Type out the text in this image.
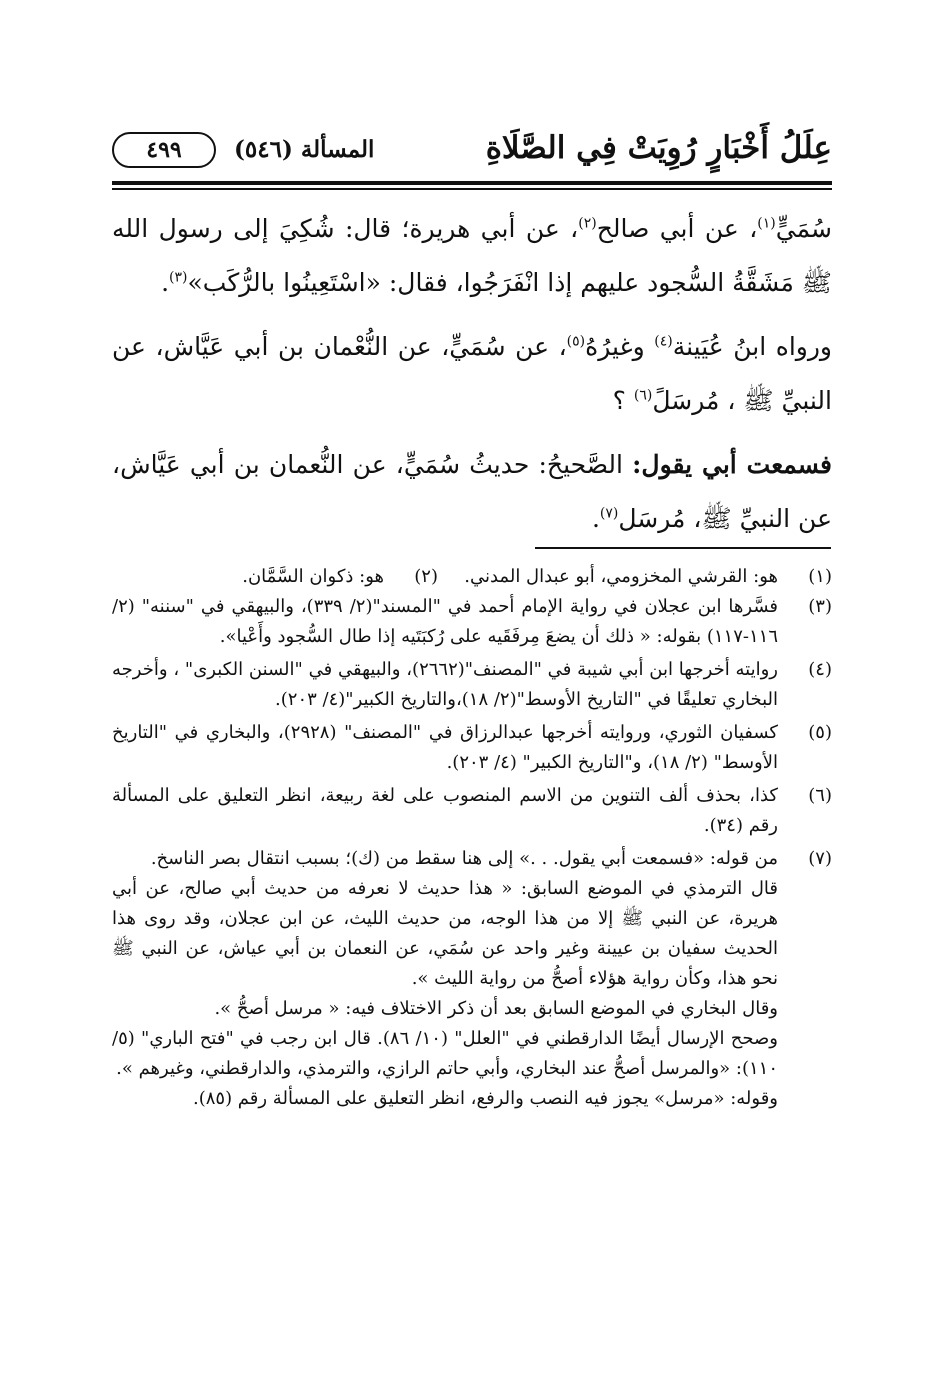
عِلَلُ أَخْبَارٍ رُوِيَتْ فِي الصَّلَاةِ
المسألة (٥٤٦)
٤٩٩

سُمَيٍّ$^{(١)}$، عن أبي صالح$^{(٢)}$، عن أبي هريرة؛ قال: شُكِيَ إلى رسول الله ﷺ مَشَقَّةُ السُّجود عليهم إذا انْفَرَجُوا، فقال: «اسْتَعِينُوا بالرُّكَب»$^{(٣)}$.

ورواه ابنُ عُيَينة$^{(٤)}$ وغيرُهُ$^{(٥)}$، عن سُمَيٍّ، عن النُّعْمان بن أبي عَيَّاش، عن النبيِّ ﷺ ، مُرسَلً$^{(٦)}$ ؟

فسمعت أبي يقول: الصَّحيحُ: حديثُ سُمَيٍّ، عن النُّعمان بن أبي عَيَّاش، عن النبيِّ ﷺ، مُرسَل$^{(٧)}$.

(١)
هو: القرشي المخزومي، أبو عبدال المدني.
(٢)
هو: ذكوان السَّمَّان.
(٣)
فسَّرها ابن عجلان في رواية الإمام أحمد في "المسند"(٢/ ٣٣٩)، والبيهقي في "سننه" (٢/ ١١٦-١١٧) بقوله: « ذلك أن يضعَ مِرفَقَيه على رُكبَتَيه إذا طال السُّجود وأَعْيا».
(٤)
روايته أخرجها ابن أبي شيبة في "المصنف"(٢٦٦٢)، والبيهقي في "السنن الكبرى" ، وأخرجه البخاري تعليقًا في "التاريخ الأوسط"(٢/ ١٨)،والتاريخ الكبير"(٤/ ٢٠٣).
(٥)
كسفيان الثوري، وروايته أخرجها عبدالرزاق في "المصنف" (٢٩٢٨)، والبخاري في "التاريخ الأوسط" (٢/ ١٨)، و"التاريخ الكبير" (٤/ ٢٠٣).
(٦)
كذا، بحذف ألف التنوين من الاسم المنصوب على لغة ربيعة، انظر التعليق على المسألة رقم (٣٤).
(٧)
من قوله: «فسمعت أبي يقول. . .» إلى هنا سقط من (ك)؛ بسبب انتقال بصر الناسخ.
قال الترمذي في الموضع السابق: « هذا حديث لا نعرفه من حديث أبي صالح، عن أبي هريرة، عن النبي ﷺ إلا من هذا الوجه، من حديث الليث، عن ابن عجلان، وقد روى هذا الحديث سفيان بن عيينة وغير واحد عن سُمَي، عن النعمان بن أبي عياش، عن النبي ﷺ نحو هذا، وكأن رواية هؤلاء أصحُّ من رواية الليث ».
وقال البخاري في الموضع السابق بعد أن ذكر الاختلاف فيه: « مرسل أصحُّ ».
وصحح الإرسال أيضًا الدارقطني في "العلل" (١٠/ ٨٦). قال ابن رجب في "فتح الباري" (٥/ ١١٠): «والمرسل أصحُّ عند البخاري، وأبي حاتم الرازي، والترمذي، والدارقطني، وغيرهم ».
وقوله: «مرسل» يجوز فيه النصب والرفع، انظر التعليق على المسألة رقم (٨٥).
